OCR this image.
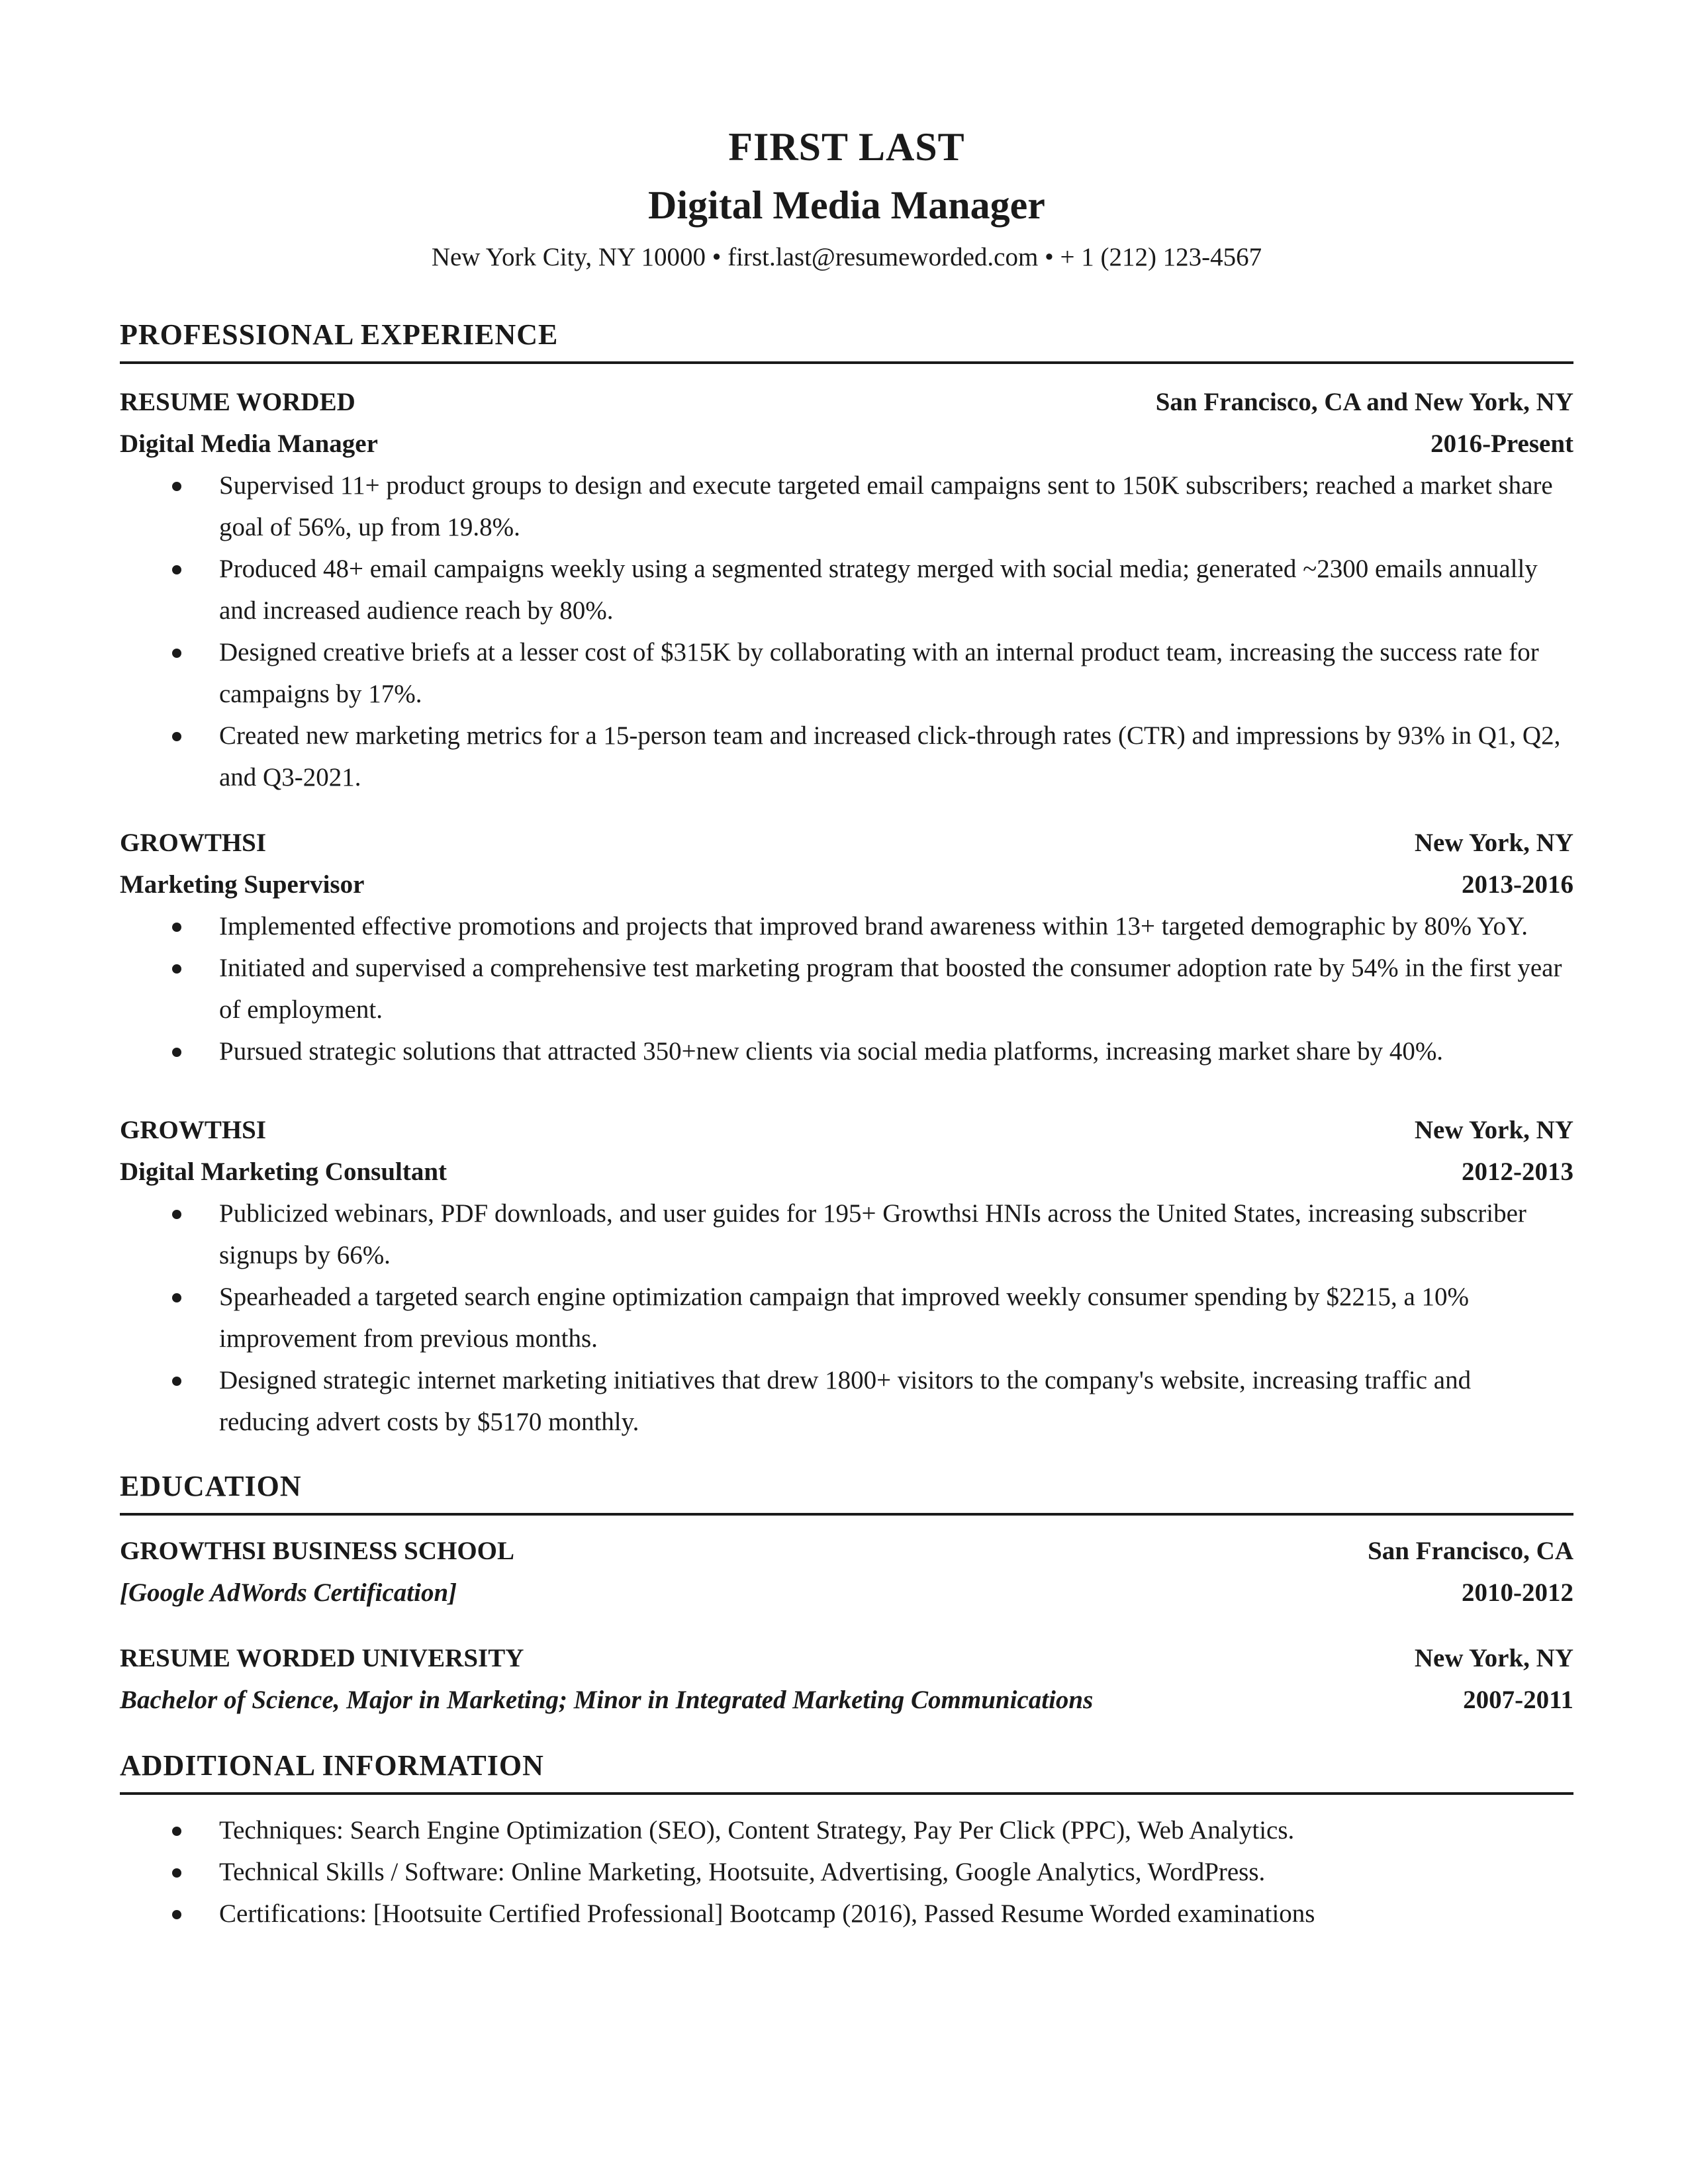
FIRST LAST
Digital Media Manager
New York City, NY 10000 • first.last@resumeworded.com • + 1 (212) 123-4567
PROFESSIONAL EXPERIENCE
RESUME WORDED	San Francisco, CA and New York, NY
Digital Media Manager	2016-Present
Supervised 11+ product groups to design and execute targeted email campaigns sent to 150K subscribers; reached a market share goal of 56%, up from 19.8%.
Produced 48+ email campaigns weekly using a segmented strategy merged with social media; generated ~2300 emails annually and increased audience reach by 80%.
Designed creative briefs at a lesser cost of $315K by collaborating with an internal product team, increasing the success rate for campaigns by 17%.
Created new marketing metrics for a 15-person team and increased click-through rates (CTR) and impressions by 93% in Q1, Q2, and Q3-2021.
GROWTHSI	New York, NY
Marketing Supervisor	2013-2016
Implemented effective promotions and projects that improved brand awareness within 13+ targeted demographic by 80% YoY.
Initiated and supervised a comprehensive test marketing program that boosted the consumer adoption rate by 54% in the first year of employment.
Pursued strategic solutions that attracted 350+new clients via social media platforms, increasing market share by 40%.
GROWTHSI	New York, NY
Digital Marketing Consultant	2012-2013
Publicized webinars, PDF downloads, and user guides for 195+ Growthsi HNIs across the United States, increasing subscriber signups by 66%.
Spearheaded a targeted search engine optimization campaign that improved weekly consumer spending by $2215, a 10% improvement from previous months.
Designed strategic internet marketing initiatives that drew 1800+ visitors to the company's website, increasing traffic and reducing advert costs by $5170 monthly.
EDUCATION
GROWTHSI BUSINESS SCHOOL	San Francisco, CA
[Google AdWords Certification]	2010-2012
RESUME WORDED UNIVERSITY	New York, NY
Bachelor of Science, Major in Marketing; Minor in Integrated Marketing Communications	2007-2011
ADDITIONAL INFORMATION
Techniques: Search Engine Optimization (SEO), Content Strategy, Pay Per Click (PPC), Web Analytics.
Technical Skills / Software: Online Marketing, Hootsuite, Advertising, Google Analytics, WordPress.
Certifications: [Hootsuite Certified Professional] Bootcamp (2016), Passed Resume Worded examinations
